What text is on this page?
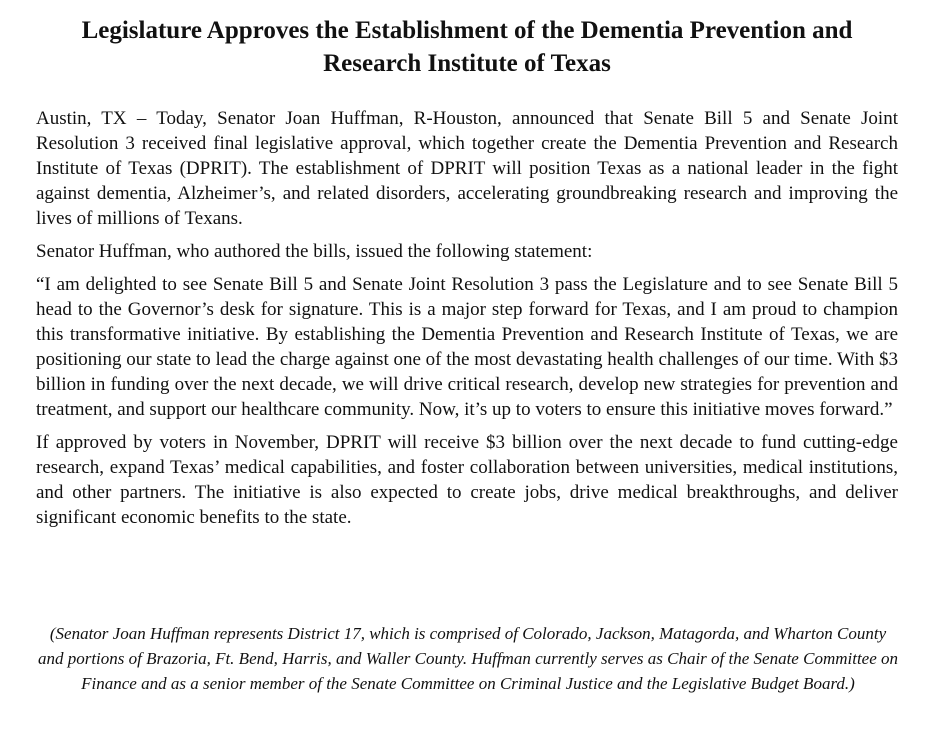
Legislature Approves the Establishment of the Dementia Prevention and Research Institute of Texas

Austin, TX – Today, Senator Joan Huffman, R-Houston, announced that Senate Bill 5 and Senate Joint Resolution 3 received final legislative approval, which together create the Dementia Prevention and Research Institute of Texas (DPRIT). The establishment of DPRIT will position Texas as a national leader in the fight against dementia, Alzheimer’s, and related disorders, accelerating groundbreaking research and improving the lives of millions of Texans.

Senator Huffman, who authored the bills, issued the following statement:

“I am delighted to see Senate Bill 5 and Senate Joint Resolution 3 pass the Legislature and to see Senate Bill 5 head to the Governor’s desk for signature. This is a major step forward for Texas, and I am proud to champion this transformative initiative. By establishing the Dementia Prevention and Research Institute of Texas, we are positioning our state to lead the charge against one of the most devastating health challenges of our time. With $3 billion in funding over the next decade, we will drive critical research, develop new strategies for prevention and treatment, and support our healthcare community. Now, it’s up to voters to ensure this initiative moves forward.”

If approved by voters in November, DPRIT will receive $3 billion over the next decade to fund cutting-edge research, expand Texas’ medical capabilities, and foster collaboration between universities, medical institutions, and other partners. The initiative is also expected to create jobs, drive medical breakthroughs, and deliver significant economic benefits to the state.

(Senator Joan Huffman represents District 17, which is comprised of Colorado, Jackson, Matagorda, and Wharton County and portions of Brazoria, Ft. Bend, Harris, and Waller County. Huffman currently serves as Chair of the Senate Committee on Finance and as a senior member of the Senate Committee on Criminal Justice and the Legislative Budget Board.)
